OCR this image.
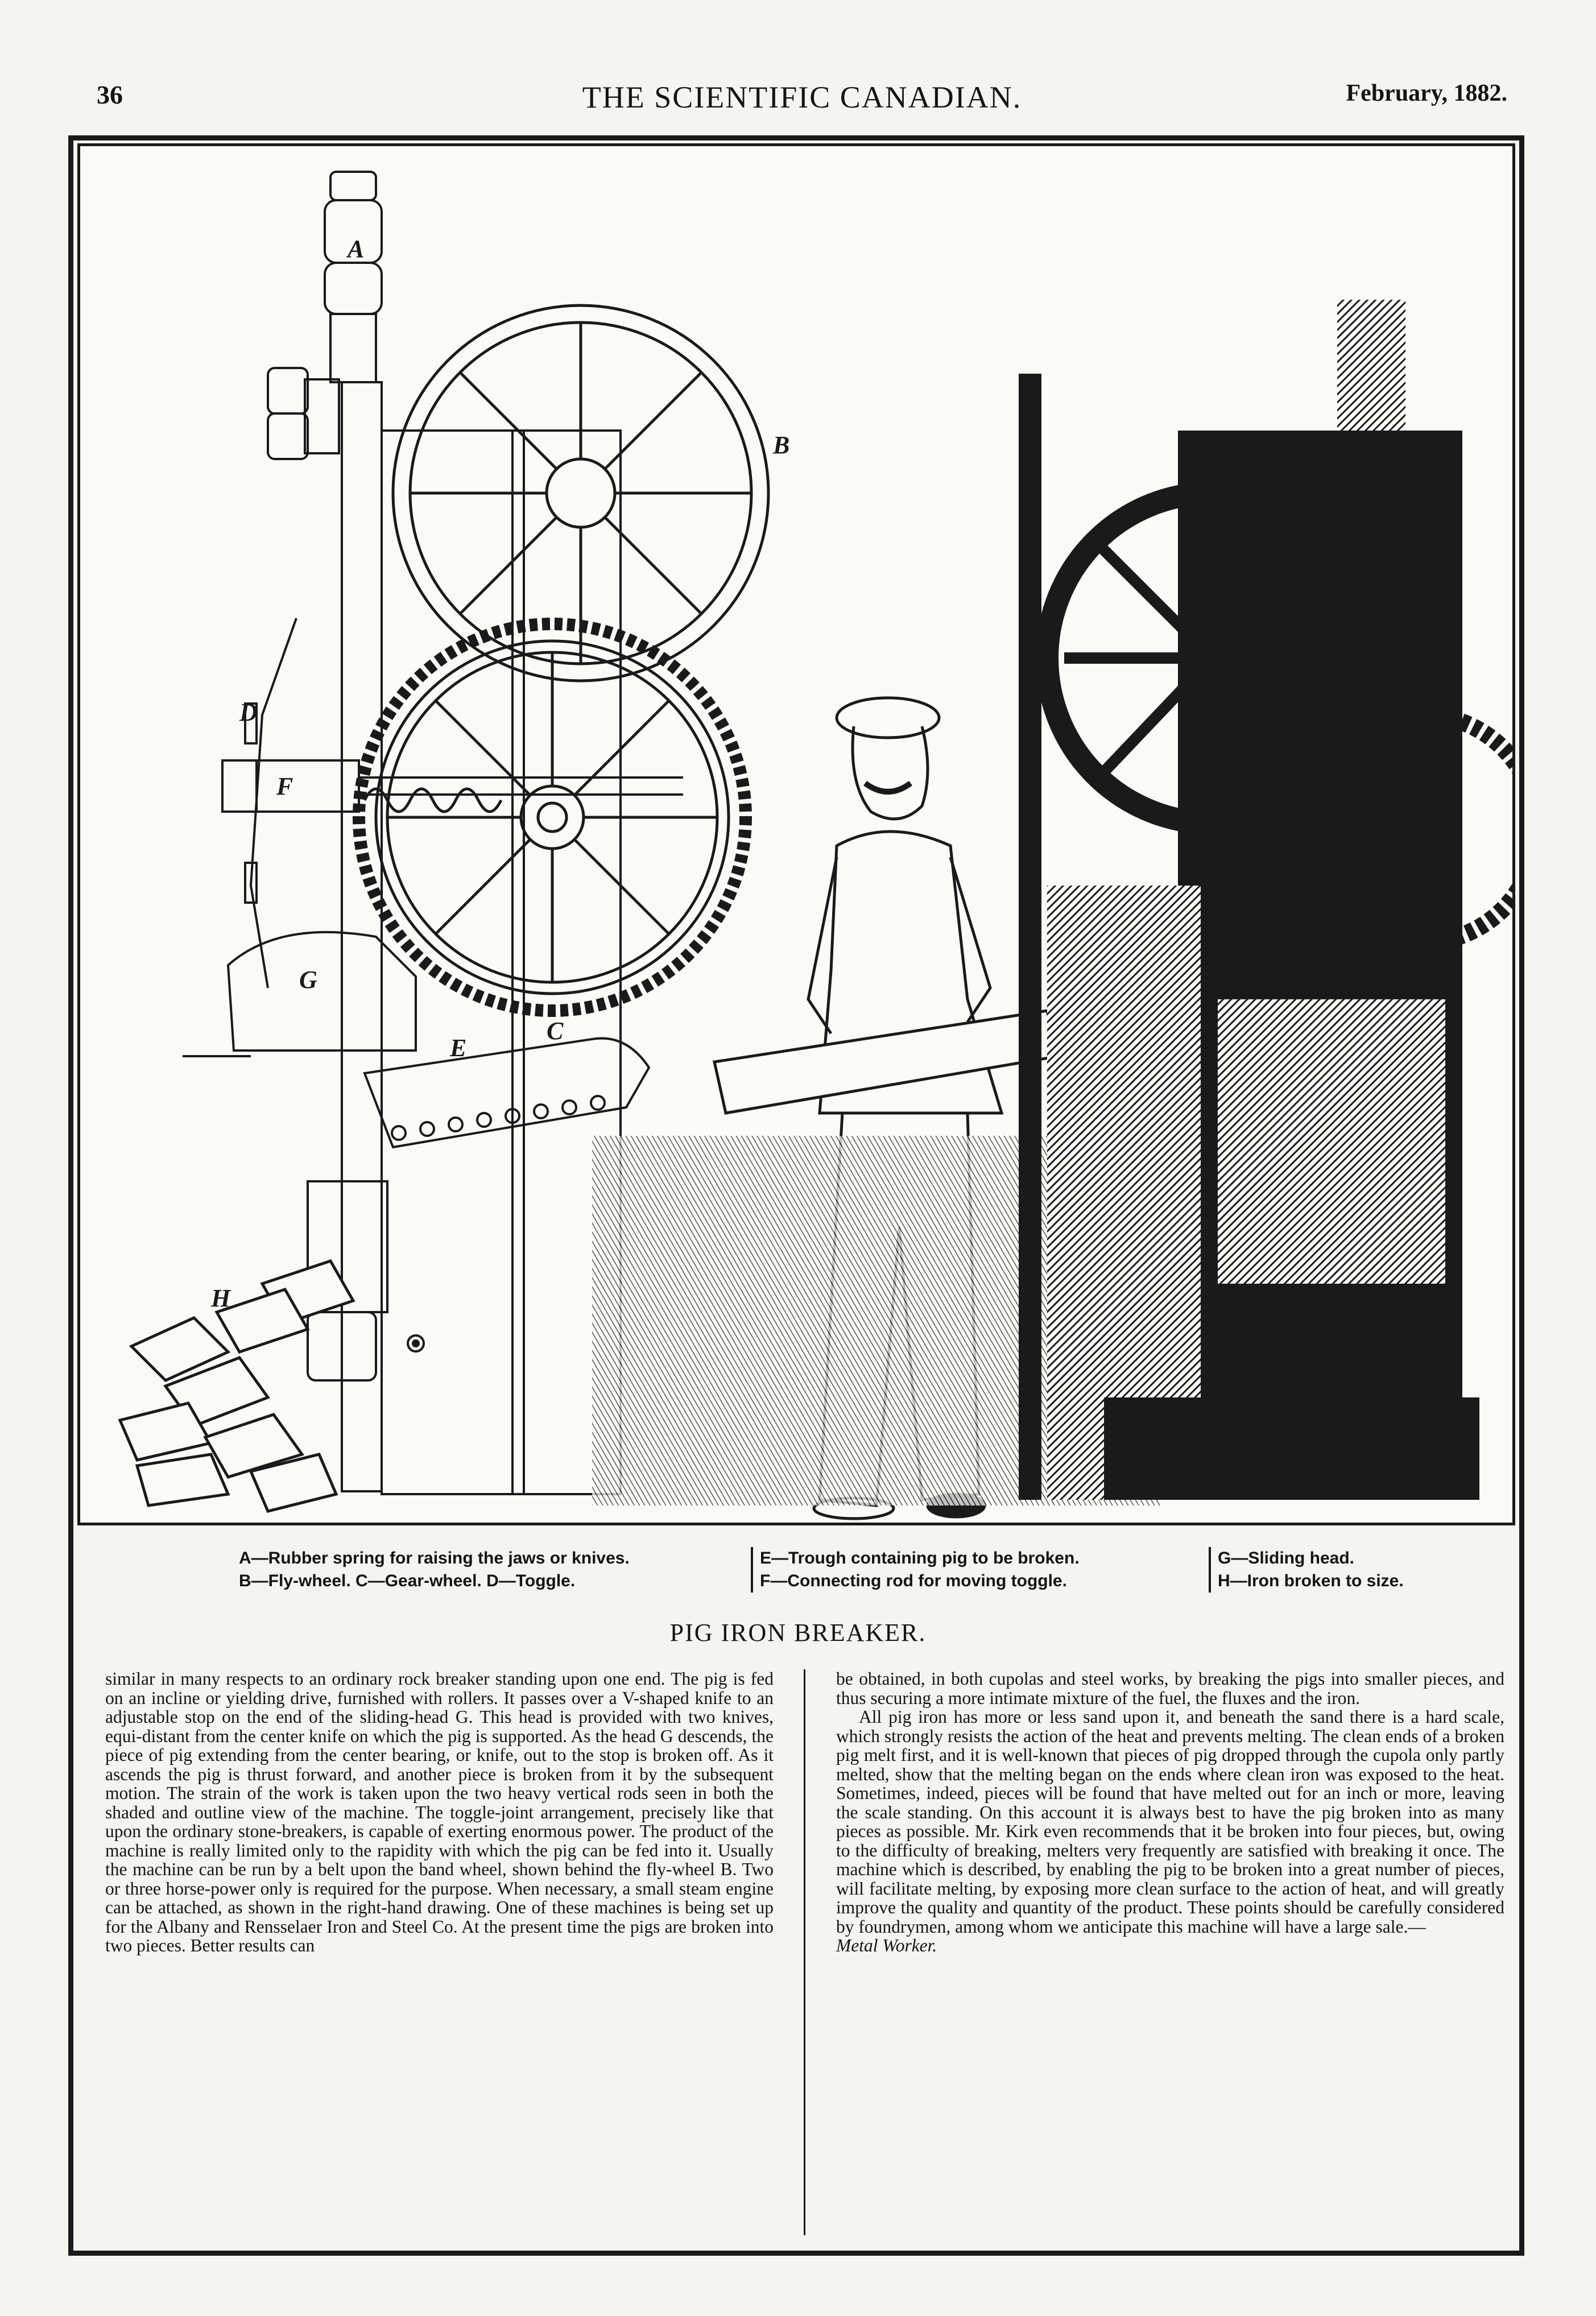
36	THE SCIENTIFIC CANADIAN.	February, 1882.
A
B
C
D
E
F
G
H
A—Rubber spring for raising the jaws or knives.
B—Fly-wheel. C—Gear-wheel. D—Toggle.
E—Trough containing pig to be broken.
F—Connecting rod for moving toggle.
G—Sliding head.
H—Iron broken to size.
PIG IRON BREAKER.

similar in many respects to an ordinary rock breaker standing upon one end. The pig is fed on an incline or yielding drive, furnished with rollers. It passes over a V-shaped knife to an adjustable stop on the end of the sliding-head G. This head is provided with two knives, equi-distant from the center knife on which the pig is supported. As the head G descends, the piece of pig extending from the center bearing, or knife, out to the stop is broken off. As it ascends the pig is thrust forward, and another piece is broken from it by the subsequent motion. The strain of the work is taken upon the two heavy vertical rods seen in both the shaded and outline view of the machine. The toggle-joint arrangement, precisely like that upon the ordinary stone-breakers, is capable of exerting enormous power. The product of the machine is really limited only to the rapidity with which the pig can be fed into it. Usually the machine can be run by a belt upon the band wheel, shown behind the fly-wheel B. Two or three horse-power only is required for the purpose. When necessary, a small steam engine can be attached, as shown in the right-hand drawing. One of these machines is being set up for the Albany and Rensselaer Iron and Steel Co. At the present time the pigs are broken into two pieces. Better results can

be obtained, in both cupolas and steel works, by breaking the pigs into smaller pieces, and thus securing a more intimate mixture of the fuel, the fluxes and the iron.

All pig iron has more or less sand upon it, and beneath the sand there is a hard scale, which strongly resists the action of the heat and prevents melting. The clean ends of a broken pig melt first, and it is well-known that pieces of pig dropped through the cupola only partly melted, show that the melting began on the ends where clean iron was exposed to the heat. Sometimes, indeed, pieces will be found that have melted out for an inch or more, leaving the scale standing. On this account it is always best to have the pig broken into as many pieces as possible. Mr. Kirk even recommends that it be broken into four pieces, but, owing to the difficulty of breaking, melters very frequently are satisfied with breaking it once. The machine which is described, by enabling the pig to be broken into a great number of pieces, will facilitate melting, by exposing more clean surface to the action of heat, and will greatly improve the quality and quantity of the product. These points should be carefully considered by foundrymen, among whom we anticipate this machine will have a large sale.—

Metal Worker.
